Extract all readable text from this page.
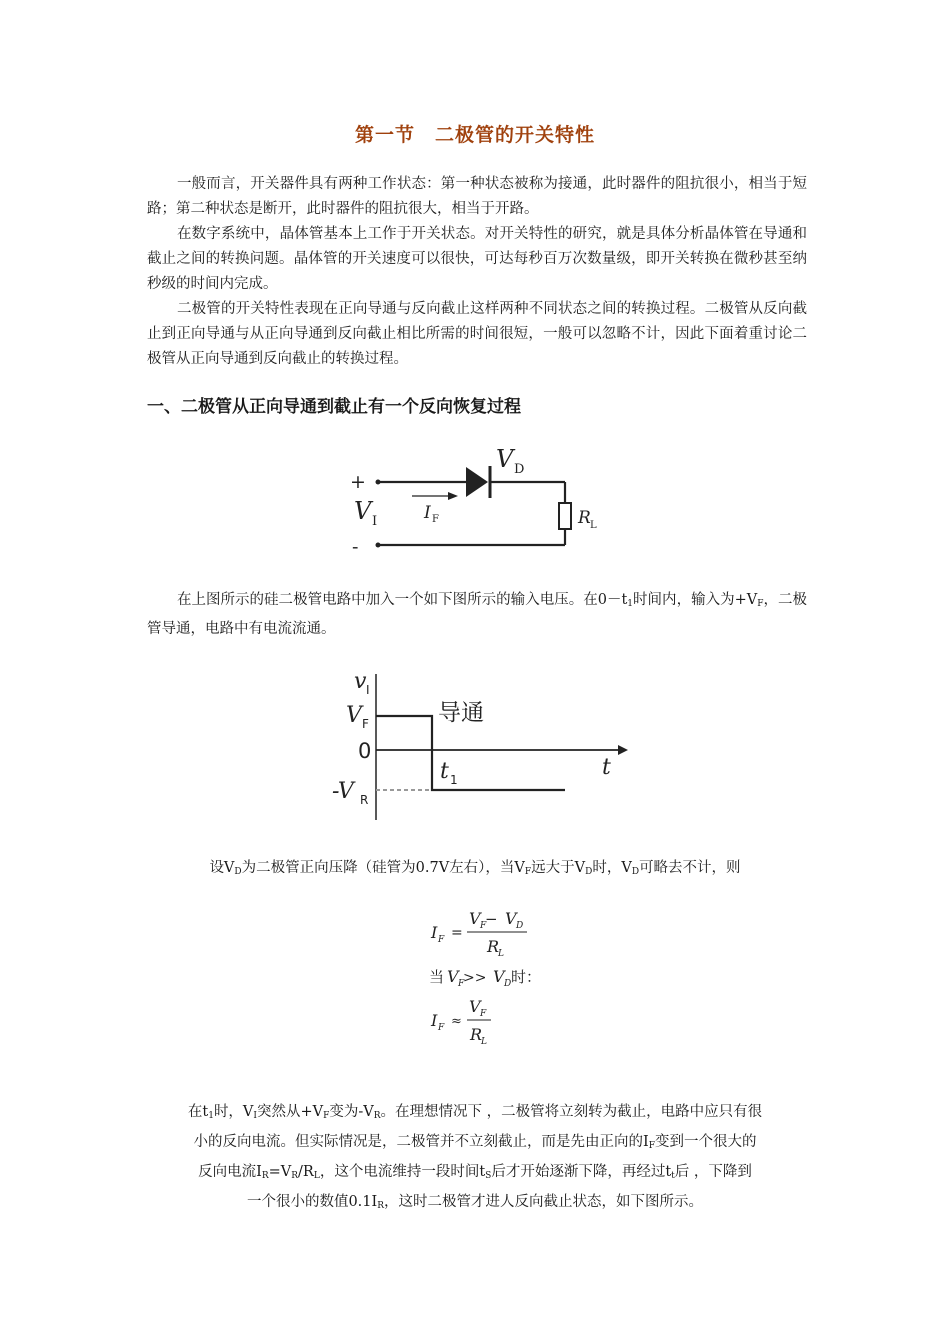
第一节　二极管的开关特性

一般而言，开关器件具有两种工作状态：第一种状态被称为接通，此时器件的阻抗很小，相当于短路；第二种状态是断开，此时器件的阻抗很大，相当于开路。

在数字系统中，晶体管基本上工作于开关状态。对开关特性的研究，就是具体分析晶体管在导通和截止之间的转换问题。晶体管的开关速度可以很快，可达每秒百万次数量级，即开关转换在微秒甚至纳秒级的时间内完成。

二极管的开关特性表现在正向导通与反向截止这样两种不同状态之间的转换过程。二极管从反向截止到正向导通与从正向导通到反向截止相比所需的时间很短，一般可以忽略不计，因此下面着重讨论二极管从正向导通到反向截止的转换过程。

一、二极管从正向导通到截止有一个反向恢复过程
+
-
V I
V D
I F	R L

在上图所示的硅二极管电路中加入一个如下图所示的输入电压。在$0-t_1$时间内，输入为$+V_F$，二极管导通，电路中有电流流通。

v I
V F
0
t
t 1
-V R
导通

设$V_D$为二极管正向压降（硅管为0.7V左右），当$V_F$远大于$V_D$时，$V_D$可略去不计，则

I F =
V F
− V D
R
L
当 V F
>> V D 时：
I F ≈
V F
R
L
在$t_1$时，$V_I$突然从$+V_F$变为$-V_R$。在理想情况下 ，二极管将立刻转为截止，电路中应只有很
小的反向电流。但实际情况是，二极管并不立刻截止，而是先由正向的$I_F$变到一个很大的
反向电流$I_R=V_R/R_L$，这个电流维持一段时间$t_S$后才开始逐渐下降，再经过$t_t$后 ，下降到
一个很小的数值$0.1I_R$，这时二极管才进人反向截止状态，如下图所示。
